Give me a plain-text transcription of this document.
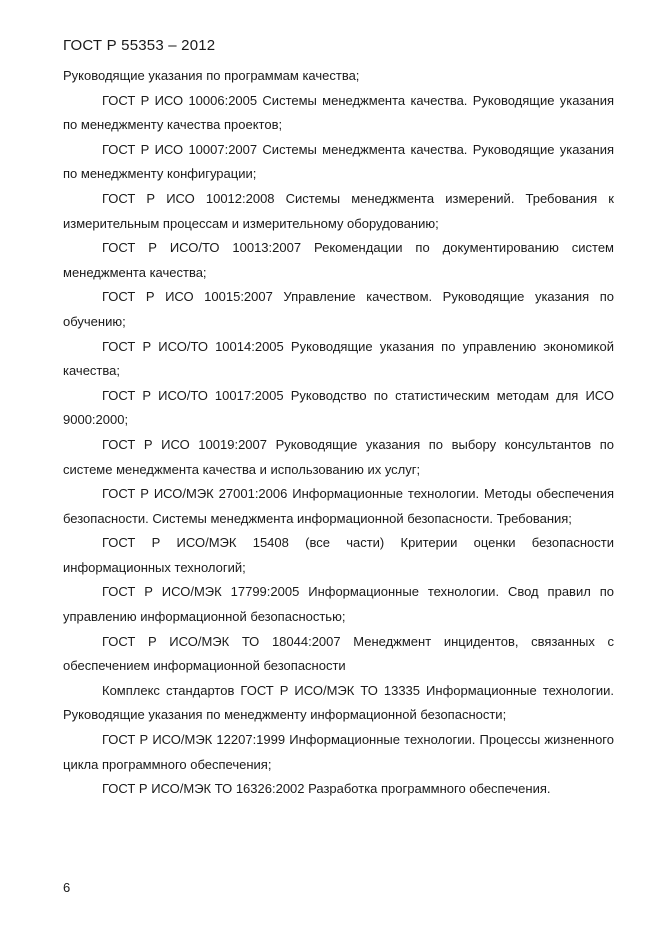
ГОСТ Р 55353 – 2012

Руководящие указания по программам качества;

ГОСТ Р ИСО 10006:2005 Системы менеджмента качества. Руководящие указания по менеджменту качества проектов;

ГОСТ Р ИСО 10007:2007 Системы менеджмента качества. Руководящие указания по менеджменту конфигурации;

ГОСТ Р ИСО 10012:2008 Системы менеджмента измерений. Требования к измерительным процессам и измерительному оборудованию;

ГОСТ Р ИСО/ТО 10013:2007 Рекомендации по документированию систем менеджмента качества;

ГОСТ Р ИСО 10015:2007 Управление качеством. Руководящие указания по обучению;

ГОСТ Р ИСО/ТО 10014:2005 Руководящие указания по управлению экономикой качества;

ГОСТ Р ИСО/ТО 10017:2005 Руководство по статистическим методам для ИСО 9000:2000;

ГОСТ Р ИСО 10019:2007 Руководящие указания по выбору консультантов по системе менеджмента качества и использованию их услуг;

ГОСТ Р ИСО/МЭК 27001:2006 Информационные технологии. Методы обеспечения безопасности. Системы менеджмента информационной безопасности. Требования;

ГОСТ Р ИСО/МЭК 15408 (все части) Критерии оценки безопасности информационных технологий;

ГОСТ Р ИСО/МЭК 17799:2005 Информационные технологии. Свод правил по управлению информационной безопасностью;

ГОСТ Р ИСО/МЭК ТО 18044:2007 Менеджмент инцидентов, связанных с обеспечением информационной безопасности

Комплекс стандартов ГОСТ Р ИСО/МЭК ТО 13335 Информационные технологии. Руководящие указания по менеджменту информационной безопасности;

ГОСТ Р ИСО/МЭК 12207:1999 Информационные технологии. Процессы жизненного цикла программного обеспечения;

ГОСТ Р ИСО/МЭК ТО 16326:2002 Разработка программного обеспечения.

6
